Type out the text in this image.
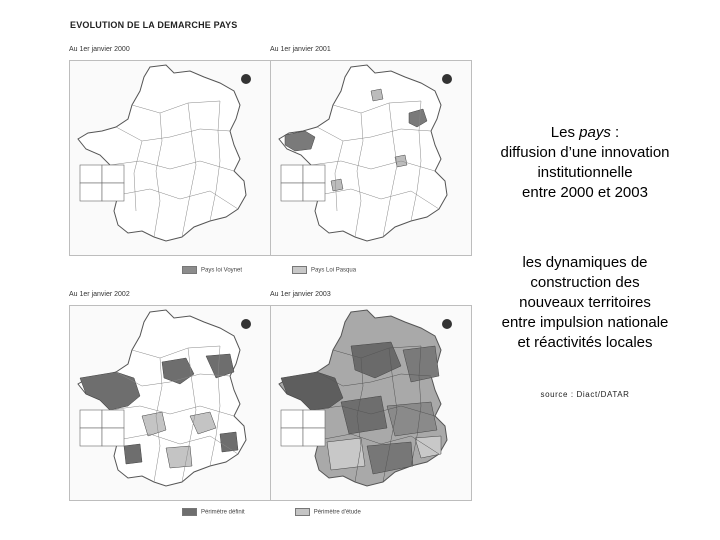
EVOLUTION DE LA DEMARCHE PAYS
Au 1er janvier 2000	Au 1er janvier 2001
Pays loi Voynet	Pays Loi Pasqua
Au 1er janvier 2002	Au 1er janvier 2003
Périmètre définit	Périmètre d'étude
Les pays :
diffusion d’une innovation
institutionnelle
entre 2000 et 2003
les dynamiques de
construction des
nouveaux territoires
entre impulsion nationale
et réactivités locales
source : Diact/DATAR
